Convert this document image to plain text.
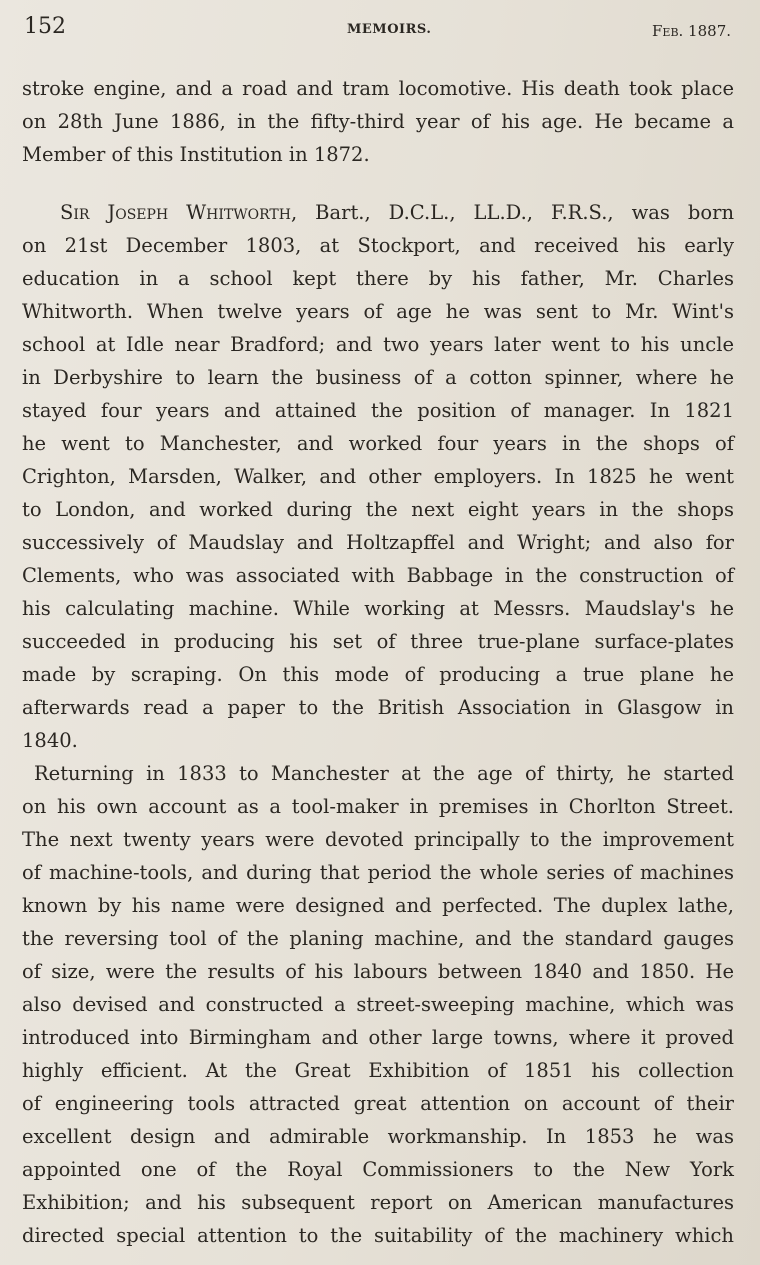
152	MEMOIRS.	Feb. 1887.
stroke engine, and a road and tram locomotive. His death took place
on 28th June 1886, in the fifty-third year of his age. He became a
Member of this Institution in 1872.
Sir Joseph Whitworth, Bart., D.C.L., LL.D., F.R.S., was born
on 21st December 1803, at Stockport, and received his early
education in a school kept there by his father, Mr. Charles
Whitworth. When twelve years of age he was sent to Mr. Wint's
school at Idle near Bradford; and two years later went to his uncle
in Derbyshire to learn the business of a cotton spinner, where he
stayed four years and attained the position of manager. In 1821
he went to Manchester, and worked four years in the shops of
Crighton, Marsden, Walker, and other employers. In 1825 he went
to London, and worked during the next eight years in the shops
successively of Maudslay and Holtzapffel and Wright; and also for
Clements, who was associated with Babbage in the construction of
his calculating machine. While working at Messrs. Maudslay's he
succeeded in producing his set of three true-plane surface-plates
made by scraping. On this mode of producing a true plane he
afterwards read a paper to the British Association in Glasgow in
1840.
Returning in 1833 to Manchester at the age of thirty, he started
on his own account as a tool-maker in premises in Chorlton Street.
The next twenty years were devoted principally to the improvement
of machine-tools, and during that period the whole series of machines
known by his name were designed and perfected. The duplex lathe,
the reversing tool of the planing machine, and the standard gauges
of size, were the results of his labours between 1840 and 1850. He
also devised and constructed a street-sweeping machine, which was
introduced into Birmingham and other large towns, where it proved
highly efficient. At the Great Exhibition of 1851 his collection
of engineering tools attracted great attention on account of their
excellent design and admirable workmanship. In 1853 he was
appointed one of the Royal Commissioners to the New York
Exhibition; and his subsequent report on American manufactures
directed special attention to the suitability of the machinery which
